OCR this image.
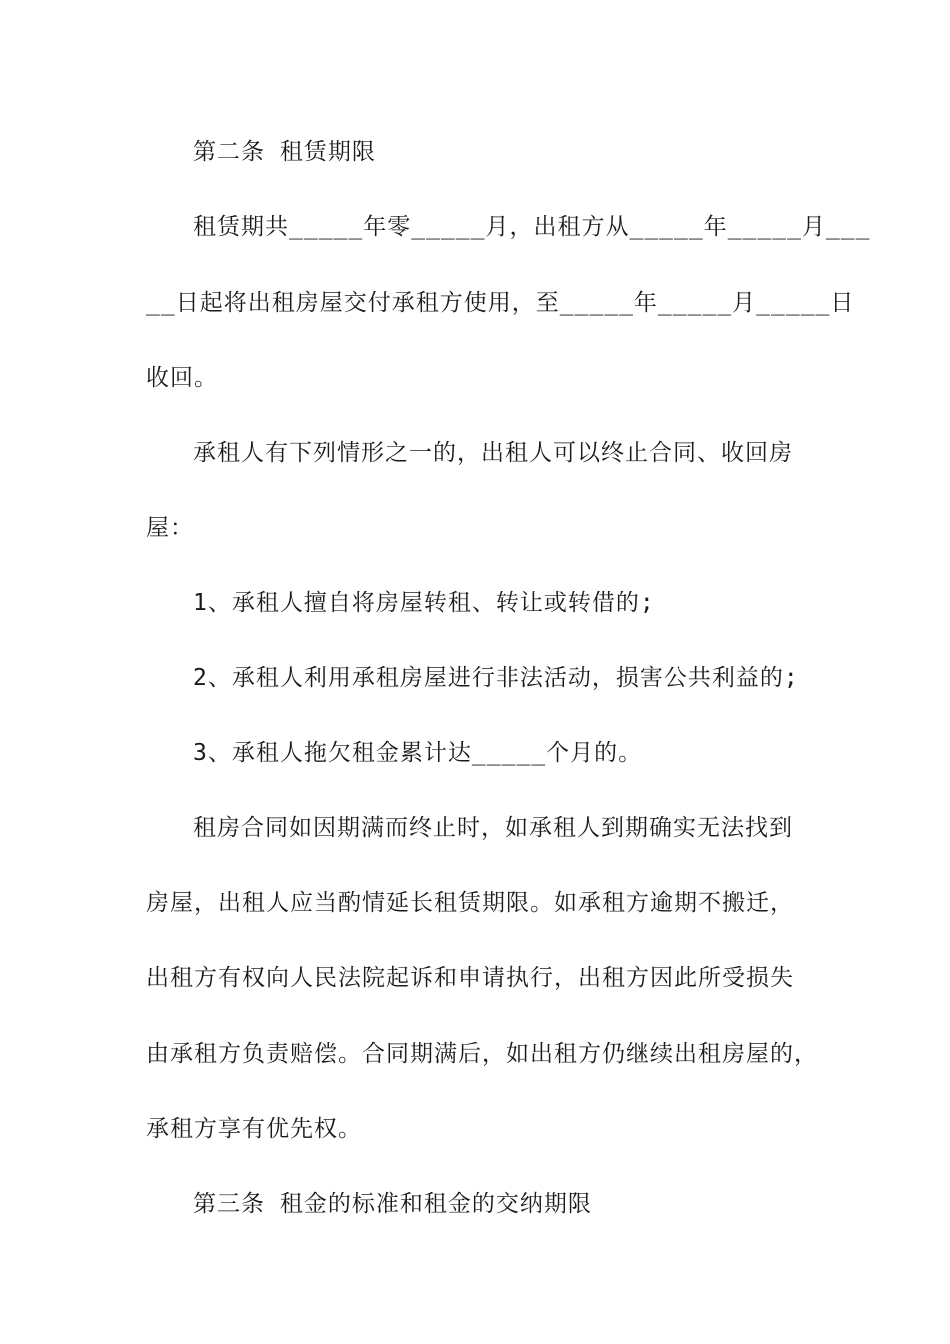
第二条 租赁期限
租赁期共_____年零_____月，出租方从_____年_____月___
__日起将出租房屋交付承租方使用，至_____年_____月_____日
收回。
承租人有下列情形之一的，出租人可以终止合同、收回房
屋：
1、承租人擅自将房屋转租、转让或转借的;
2、承租人利用承租房屋进行非法活动，损害公共利益的;
3、承租人拖欠租金累计达_____个月的。
租房合同如因期满而终止时，如承租人到期确实无法找到
房屋，出租人应当酌情延长租赁期限。如承租方逾期不搬迁，
出租方有权向人民法院起诉和申请执行，出租方因此所受损失
由承租方负责赔偿。合同期满后，如出租方仍继续出租房屋的，
承租方享有优先权。
第三条 租金的标准和租金的交纳期限
